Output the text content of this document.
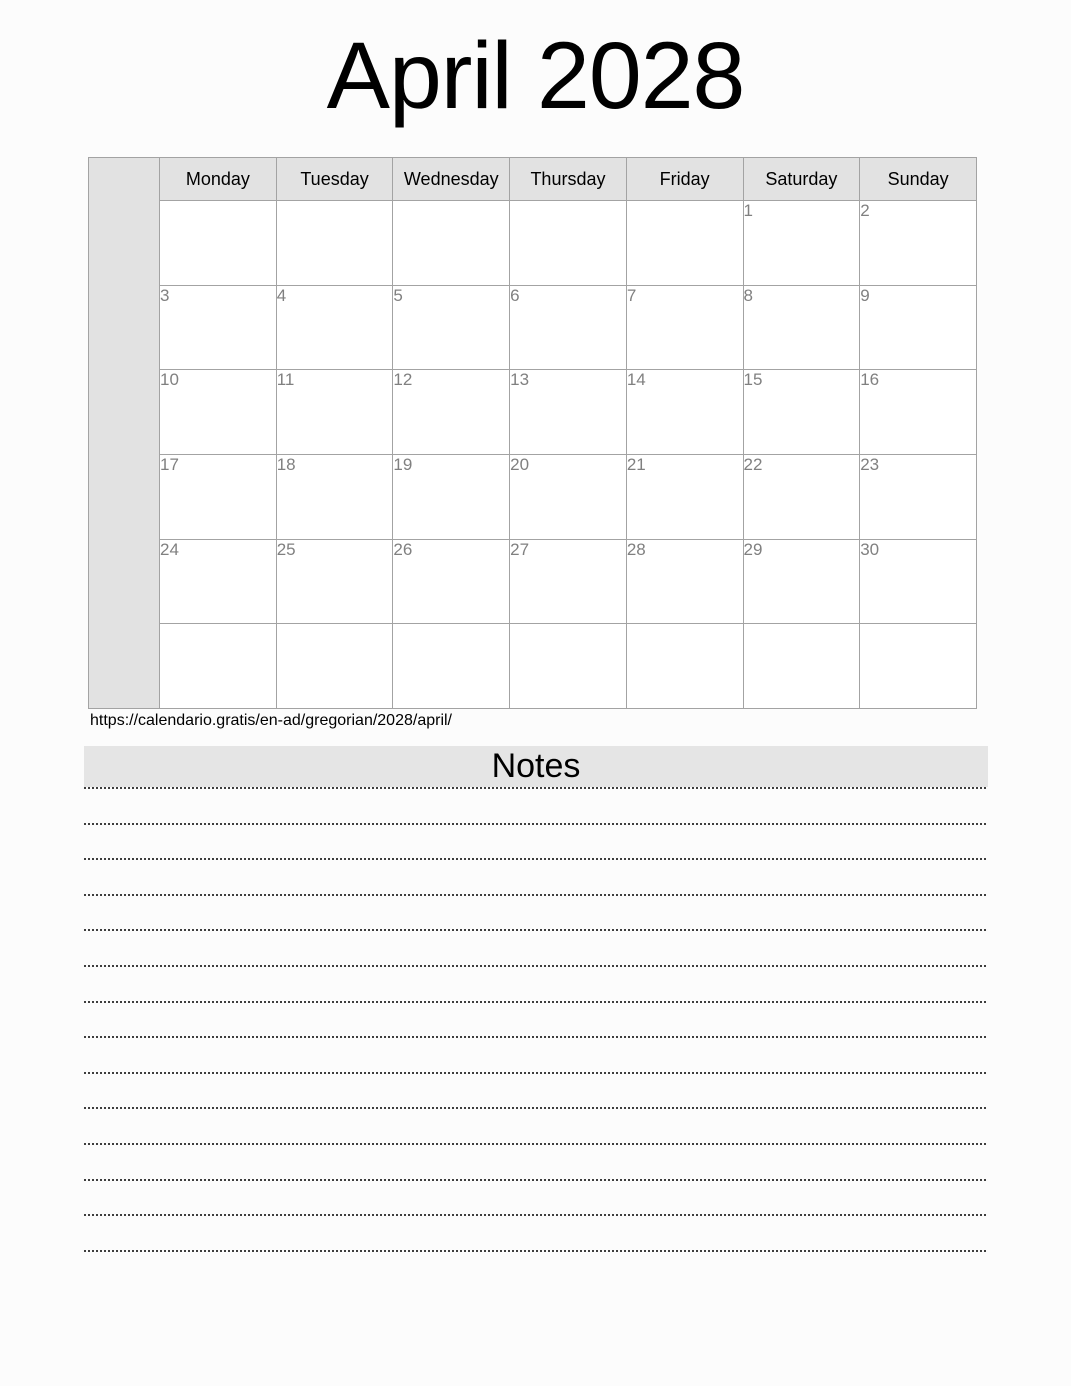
April 2028
	Monday	Tuesday	Wednesday	Thursday	Friday	Saturday	Sunday
						1	2
	3	4	5	6	7	8	9
	10	11	12	13	14	15	16
	17	18	19	20	21	22	23
	24	25	26	27	28	29	30

https://calendario.gratis/en-ad/gregorian/2028/april/
Notes
